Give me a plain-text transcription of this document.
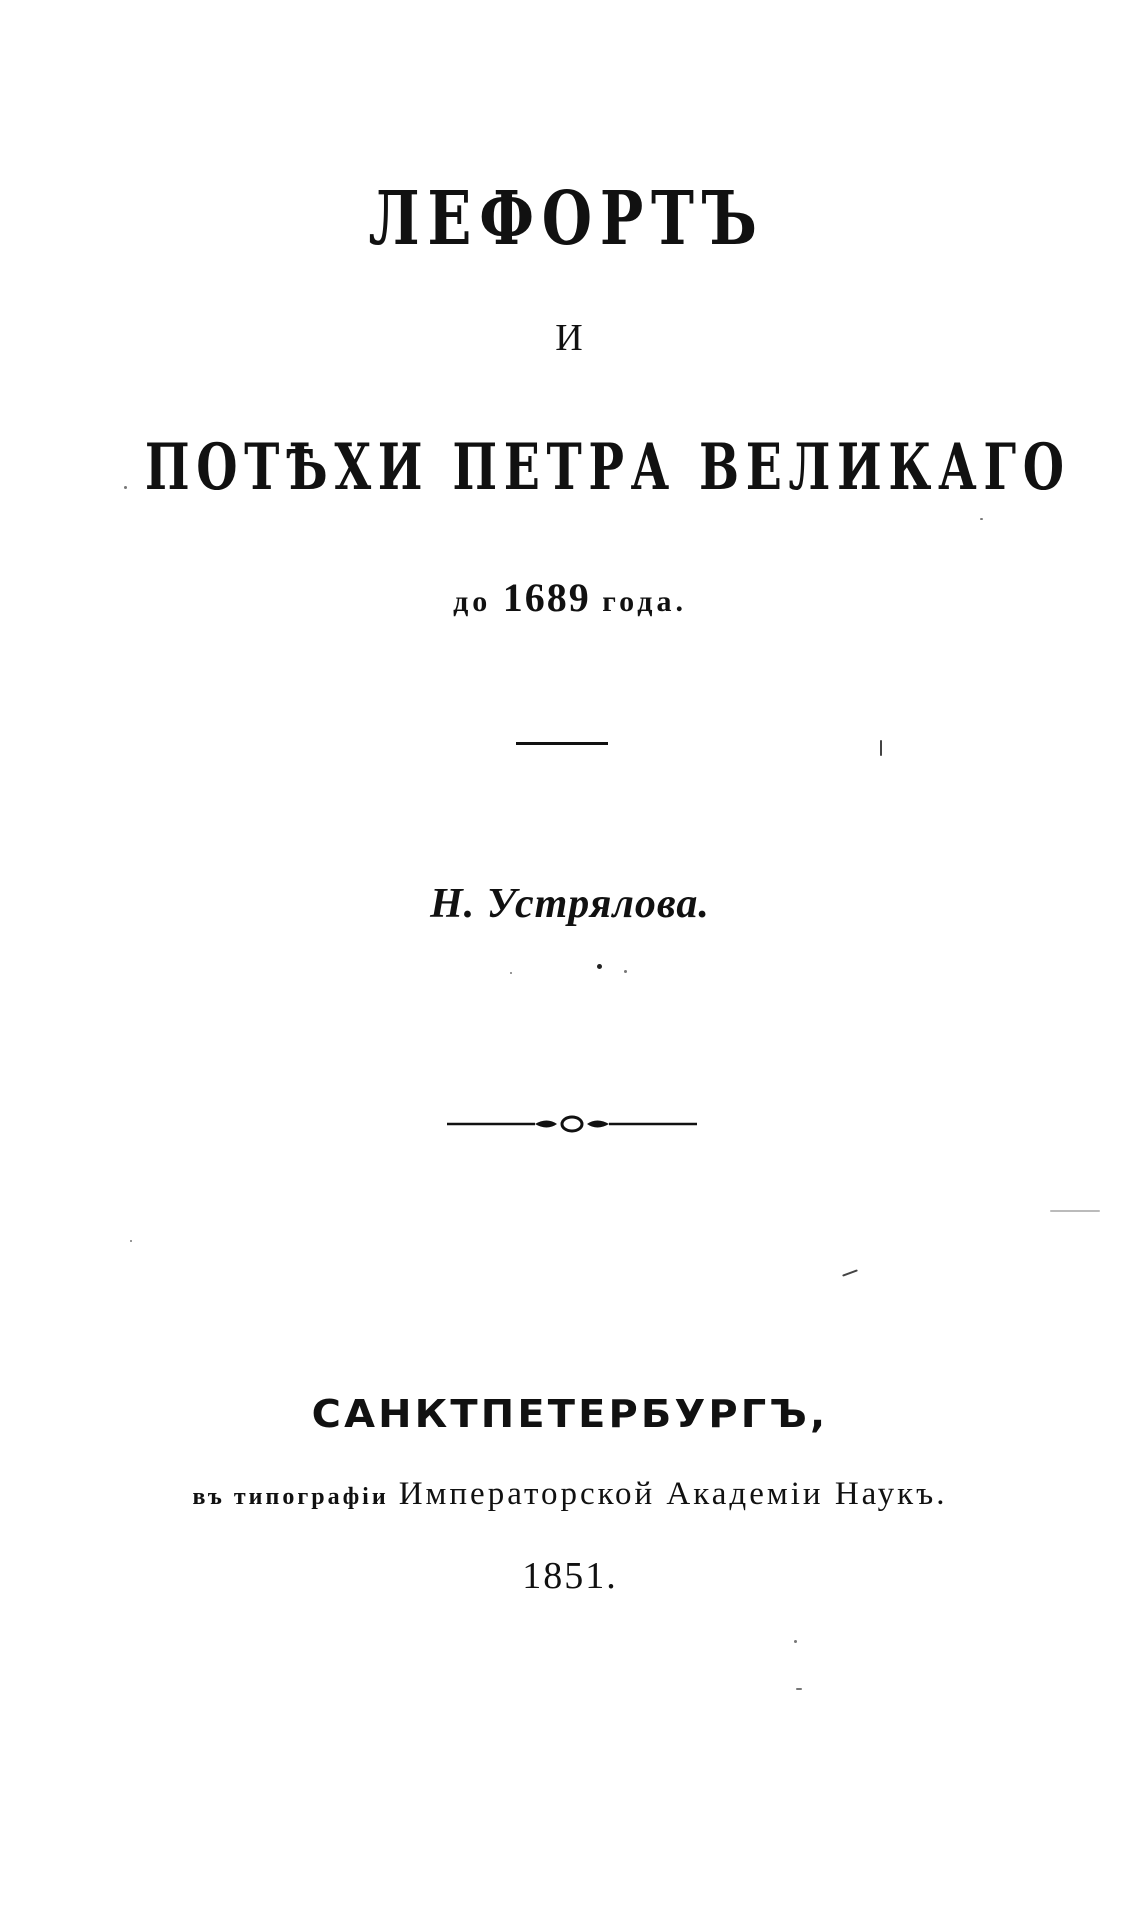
ЛЕФОРТЪ
И
ПОТѢХИ ПЕТРА ВЕЛИКАГО
до 1689 года.
Н. Устрялова.
САНКТПЕТЕРБУРГЪ,
въ типографіи Императорской Академіи Наукъ.
1851.
